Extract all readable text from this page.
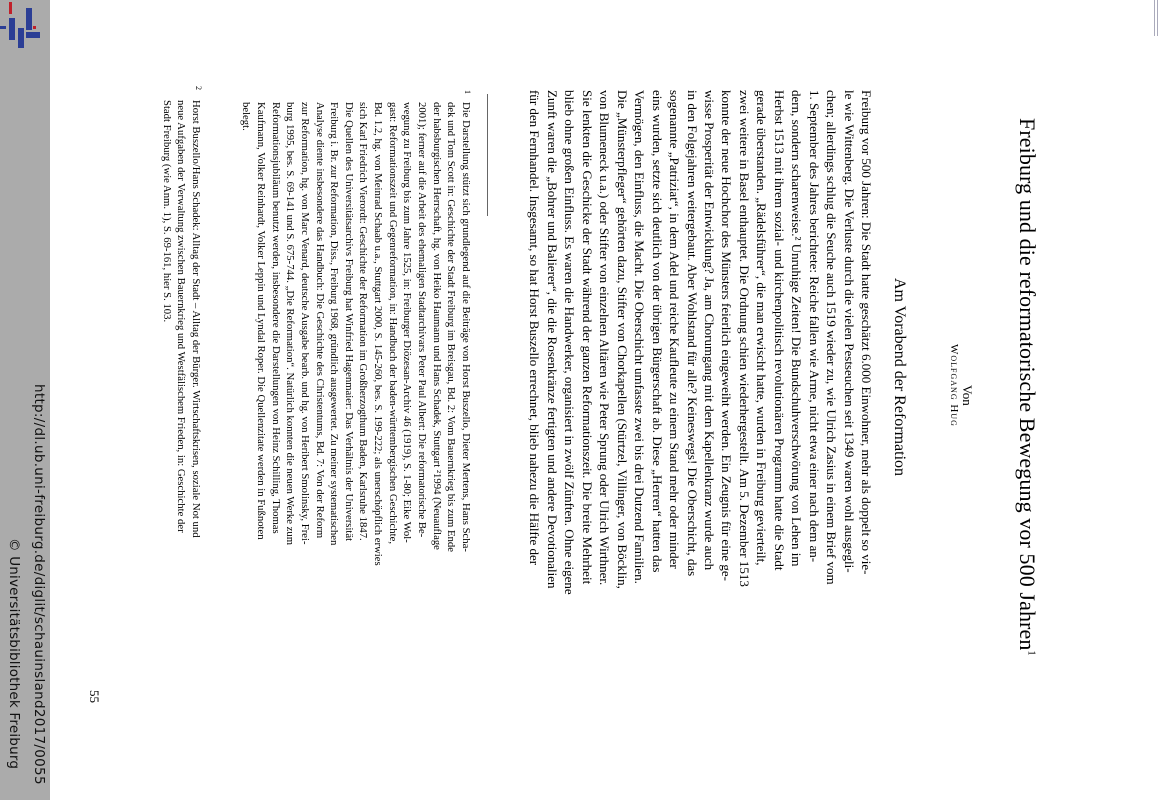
http://dl.ub.uni-freiburg.de/diglit/schauinsland2017/0055
© Universitätsbibliothek Freiburg
Freiburg und die reformatorische Bewegung vor 500 Jahren$^1$
Von
Wolfgang Hug
Am Vorabend der Reformation
Freiburg vor 500 Jahren: Die Stadt hatte geschätzt 6.000 Einwohner, mehr als doppelt so vie-
le wie Wittenberg. Die Verluste durch die vielen Pestseuchen seit 1349 waren wohl ausgegli-
chen; allerdings schlug die Seuche auch 1519 wieder zu, wie Ulrich Zasius in einem Brief vom
1. September des Jahres berichtete: Reiche fallen wie Arme, nicht etwa einer nach dem an-
dern, sondern scharenweise.² Unruhige Zeiten! Die Bundschuhverschwörung von Lehen im
Herbst 1513 mit ihrem sozial- und kirchenpolitisch revolutionären Programm hatte die Stadt
gerade überstanden. „Rädelsführer“, die man erwischt hatte, wurden in Freiburg gevierteilt,
zwei weitere in Basel enthauptet. Die Ordnung schien wiederhergestellt. Am 5. Dezember 1513
konnte der neue Hochchor des Münsters feierlich eingeweiht werden. Ein Zeugnis für eine ge-
wisse Prosperität der Entwicklung? Ja, am Chorumgang mit dem Kapellenkranz wurde auch
in den Folgejahren weitergebaut. Aber Wohlstand für alle? Keineswegs! Die Oberschicht, das
sogenannte „Patriziat“, in dem Adel und reiche Kaufleute zu einem Stand mehr oder minder
eins wurden, setzte sich deutlich von der übrigen Bürgerschaft ab. Diese „Herren“ hatten das
Vermögen, den Einfluss, die Macht. Die Oberschicht umfasste zwei bis drei Dutzend Familien.
Die „Münsterpfleger“ gehörten dazu, Stifter von Chorkapellen (Stürtzel, Villinger, von Böcklin,
von Blumeneck u.a.) oder Stifter von einzelnen Altären wie Peter Sprung oder Ulrich Wirthner.
Sie lenkten die Geschicke der Stadt während der ganzen Reformationszeit. Die breite Mehrheit
blieb ohne großen Einfluss. Es waren die Handwerker, organisiert in zwölf Zünften. Ohne eigene
Zunft waren die „Bohrer und Balierer“, die die Rosenkränze fertigten und andere Devotionalien
für den Fernhandel. Insgesamt, so hat Horst Buszello errechnet, blieb nahezu die Hälfte der
1
Die Darstellung stützt sich grundlegend auf die Beiträge von Horst Buszello, Dieter Mertens, Hans Scha-
dek und Tom Scott in: Geschichte der Stadt Freiburg im Breisgau, Bd. 2: Vom Bauernkrieg bis zum Ende
der habsburgischen Herrschaft, hg. von Heiko Haumann und Hans Schadek, Stuttgart ²1994 (Neuauflage
2001); ferner auf die Arbeit des ehemaligen Stadtarchivars Peter Paul Albert: Die reformatorische Be-
wegung zu Freiburg bis zum Jahre 1525, in: Freiburger Diözesan-Archiv 46 (1919), S. 1-80; Eike Wol-
gast: Reformationszeit und Gegenreformation, in: Handbuch der baden-württembergischen Geschichte,
Bd. 1.2, hg. von Meinrad Schaab u.a., Stuttgart 2000, S. 145-260, bes. S. 199-222; als unerschöpflich erwies
sich Karl Friedrich Vierordt: Geschichte der Reformation im Großherzogthum Baden, Karlsruhe 1847.
Die Quellen des Universitätsarchivs Freiburg hat Winfried Hagenmaier: Das Verhältnis der Universität
Freiburg i. Br. zur Reformation, Diss., Freiburg 1968, gründlich ausgewertet. Zu meiner systematischen
Analyse diente insbesondere das Handbuch: Die Geschichte des Christentums, Bd. 7: Von der Reform
zur Reformation, hg. von Marc Venard, deutsche Ausgabe bearb. und hg. von Heribert Smolinsky, Frei-
burg 1995, bes. S. 69-141 und S. 675-744. „Die Reformation“. Natürlich konnten die neuen Werke zum
Reformationsjubiläum benutzt werden, insbesondere die Darstellungen von Heinz Schilling, Thomas
Kaufmann, Volker Reinhardt, Volker Leppin und Lyndal Roper. Die Quellenzitate werden in Fußnoten
belegt.
2
Horst Buszello/Hans Schadek: Alltag der Stadt – Alltag der Bürger. Wirtschaftskrisen, soziale Not und
neue Aufgaben der Verwaltung zwischen Bauernkrieg und Westfälischem Frieden, in: Geschichte der
Stadt Freiburg (wie Anm. 1), S. 69-161, hier S. 103.
55
